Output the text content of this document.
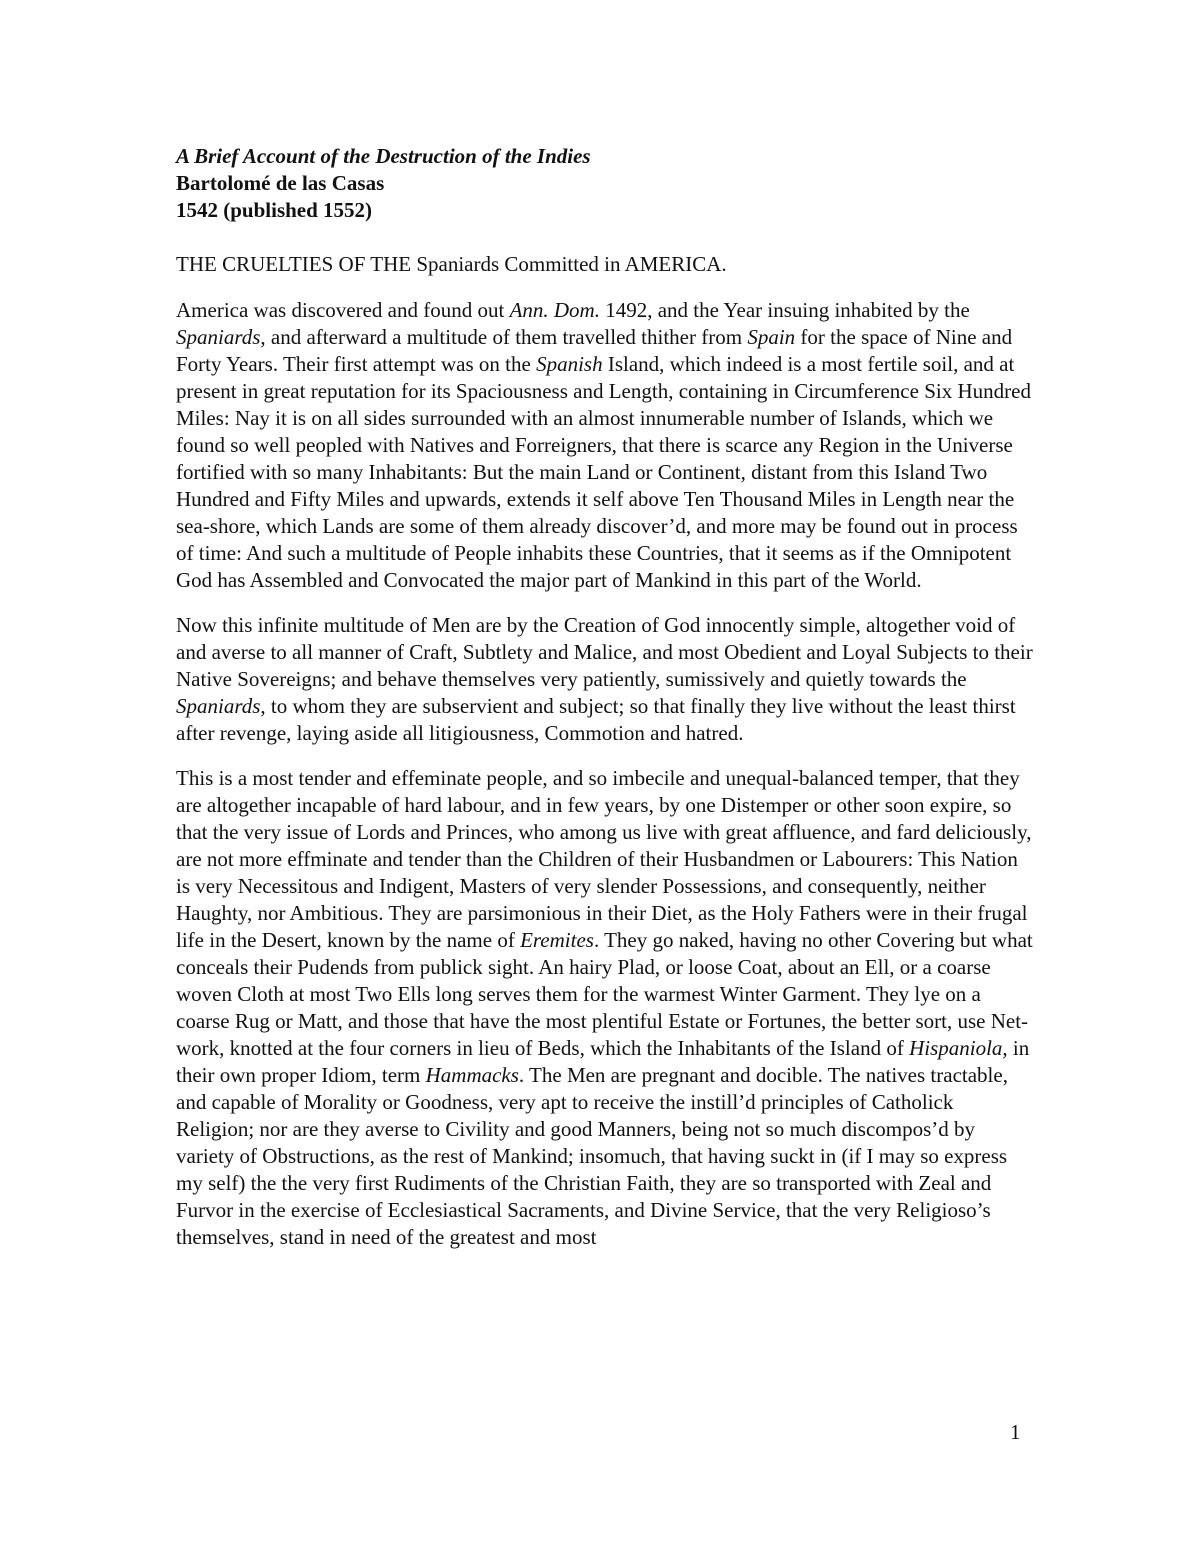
A Brief Account of the Destruction of the Indies
Bartolomé de las Casas
1542 (published 1552)
THE CRUELTIES OF THE Spaniards Committed in AMERICA.

America was discovered and found out Ann. Dom. 1492, and the Year insuing inhabited by the Spaniards, and afterward a multitude of them travelled thither from Spain for the space of Nine and Forty Years. Their first attempt was on the Spanish Island, which indeed is a most fertile soil, and at present in great reputation for its Spaciousness and Length, containing in Circumference Six Hundred Miles: Nay it is on all sides surrounded with an almost innumerable number of Islands, which we found so well peopled with Natives and Forreigners, that there is scarce any Region in the Universe fortified with so many Inhabitants: But the main Land or Continent, distant from this Island Two Hundred and Fifty Miles and upwards, extends it self above Ten Thousand Miles in Length near the sea-shore, which Lands are some of them already discover’d, and more may be found out in process of time: And such a multitude of People inhabits these Countries, that it seems as if the Omnipotent God has Assembled and Convocated the major part of Mankind in this part of the World.

Now this infinite multitude of Men are by the Creation of God innocently simple, altogether void of and averse to all manner of Craft, Subtlety and Malice, and most Obedient and Loyal Subjects to their Native Sovereigns; and behave themselves very patiently, sumissively and quietly towards the Spaniards, to whom they are subservient and subject; so that finally they live without the least thirst after revenge, laying aside all litigiousness, Commotion and hatred.

This is a most tender and effeminate people, and so imbecile and unequal-balanced temper, that they are altogether incapable of hard labour, and in few years, by one Distemper or other soon expire, so that the very issue of Lords and Princes, who among us live with great affluence, and fard deliciously, are not more effminate and tender than the Children of their Husbandmen or Labourers: This Nation is very Necessitous and Indigent, Masters of very slender Possessions, and consequently, neither Haughty, nor Ambitious. They are parsimonious in their Diet, as the Holy Fathers were in their frugal life in the Desert, known by the name of Eremites. They go naked, having no other Covering but what conceals their Pudends from publick sight. An hairy Plad, or loose Coat, about an Ell, or a coarse woven Cloth at most Two Ells long serves them for the warmest Winter Garment. They lye on a coarse Rug or Matt, and those that have the most plentiful Estate or Fortunes, the better sort, use Net-work, knotted at the four corners in lieu of Beds, which the Inhabitants of the Island of Hispaniola, in their own proper Idiom, term Hammacks. The Men are pregnant and docible. The natives tractable, and capable of Morality or Goodness, very apt to receive the instill’d principles of Catholick Religion; nor are they averse to Civility and good Manners, being not so much discompos’d by variety of Obstructions, as the rest of Mankind; insomuch, that having suckt in (if I may so express my self) the the very first Rudiments of the Christian Faith, they are so transported with Zeal and Furvor in the exercise of Ecclesiastical Sacraments, and Divine Service, that the very Religioso’s themselves, stand in need of the greatest and most

1
